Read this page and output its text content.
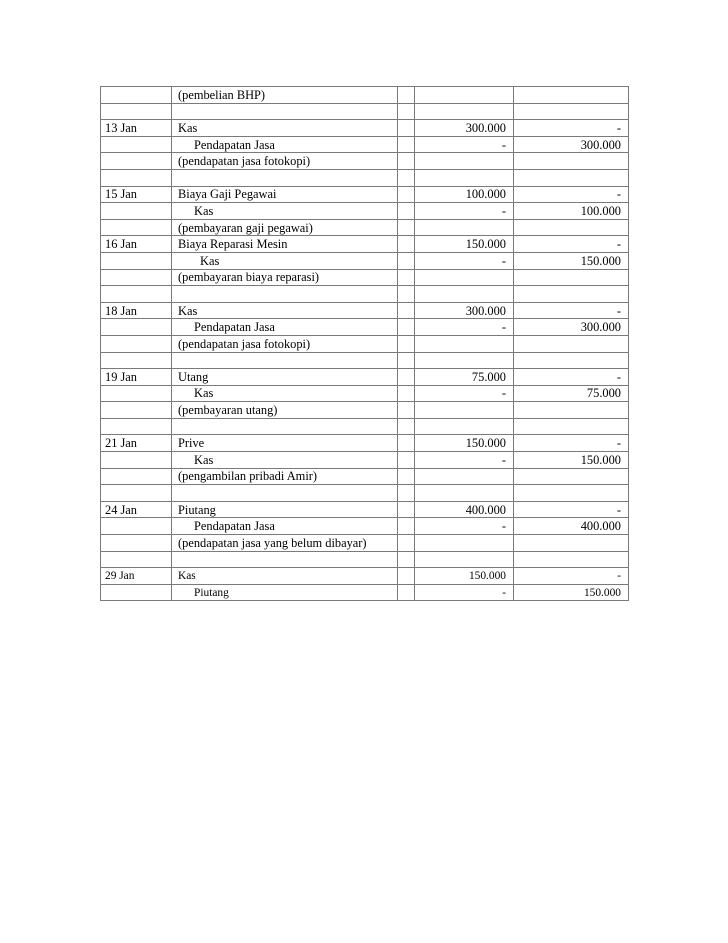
	(pembelian BHP)			

13 Jan	Kas		300.000	-
	Pendapatan Jasa		-	300.000
	(pendapatan jasa fotokopi)			

15 Jan	Biaya Gaji Pegawai		100.000	-
	Kas		-	100.000
	(pembayaran gaji pegawai)			
16 Jan	Biaya Reparasi Mesin		150.000	-
	Kas		-	150.000
	(pembayaran biaya reparasi)			

18 Jan	Kas		300.000	-
	Pendapatan Jasa		-	300.000
	(pendapatan jasa fotokopi)			

19 Jan	Utang		75.000	-
	Kas		-	75.000
	(pembayaran utang)			

21 Jan	Prive		150.000	-
	Kas		-	150.000
	(pengambilan pribadi Amir)			

24 Jan	Piutang		400.000	-
	Pendapatan Jasa		-	400.000
	(pendapatan jasa yang belum dibayar)			

29 Jan	Kas		150.000	-
	Piutang		-	150.000
